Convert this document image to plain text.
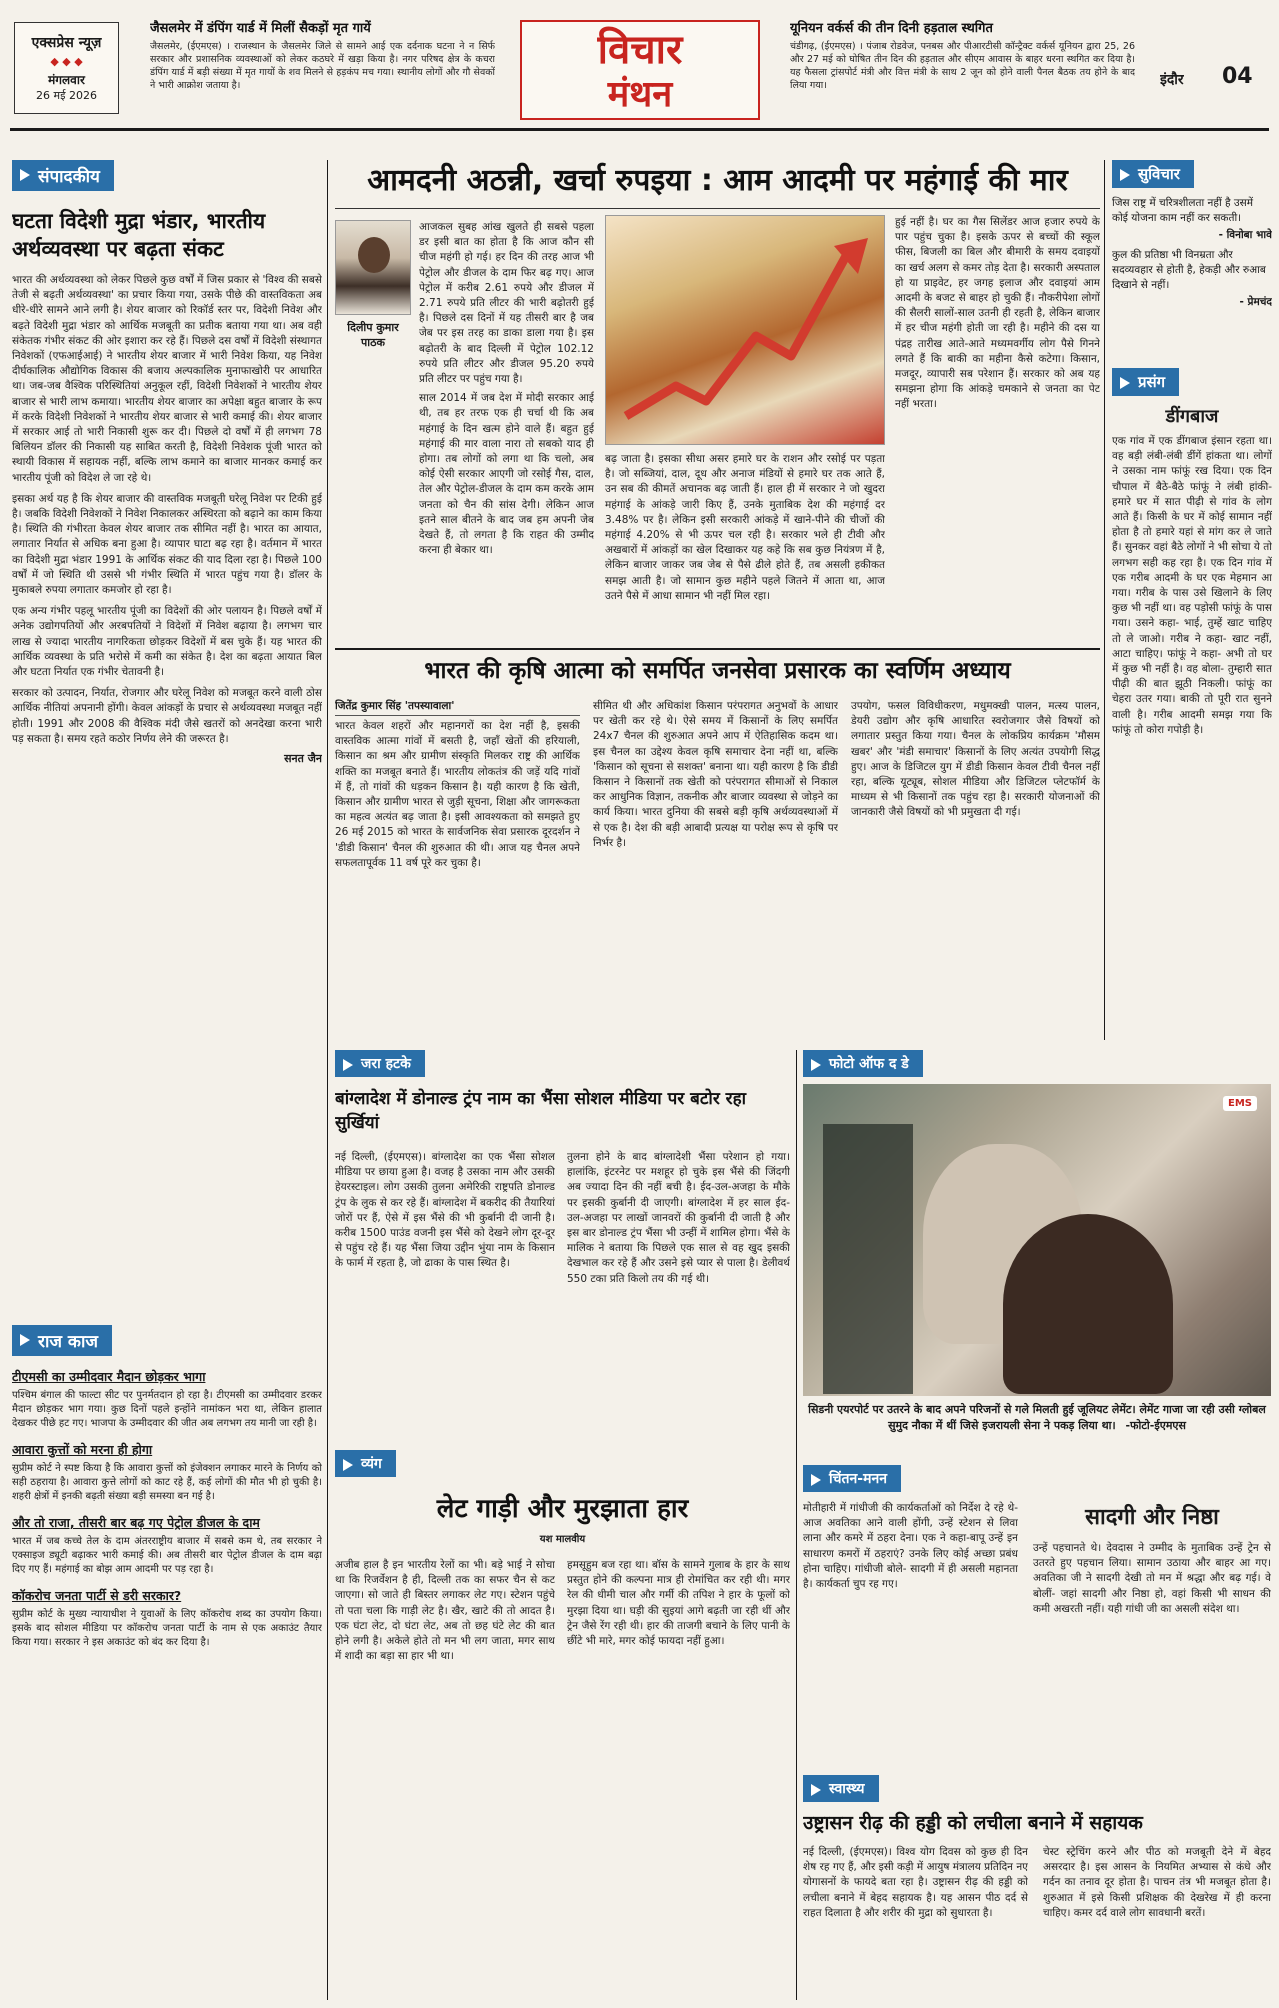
एक्सप्रेस न्यूज़
◆ ◆ ◆
मंगलवार
26 मई 2026
जैसलमेर में डंपिंग यार्ड में मिलीं सैकड़ों मृत गायें
जैसलमेर, (ईएमएस) । राजस्थान के जैसलमेर जिले से सामने आई एक दर्दनाक घटना ने न सिर्फ सरकार और प्रशासनिक व्यवस्थाओं को लेकर कठघरे में खड़ा किया है। नगर परिषद क्षेत्र के कचरा डंपिंग यार्ड में बड़ी संख्या में मृत गायों के शव मिलने से हड़कंप मच गया। स्थानीय लोगों और गौ सेवकों ने भारी आक्रोश जताया है।
विचार
मंथन
यूनियन वर्कर्स की तीन दिनी हड़ताल स्थगित
चंडीगढ़, (ईएमएस) । पंजाब रोडवेज, पनबस और पीआरटीसी कॉन्ट्रैक्ट वर्कर्स यूनियन द्वारा 25, 26 और 27 मई को घोषित तीन दिन की हड़ताल और सीएम आवास के बाहर धरना स्थगित कर दिया है। यह फैसला ट्रांसपोर्ट मंत्री और वित्त मंत्री के साथ 2 जून को होने वाली पैनल बैठक तय होने के बाद लिया गया।	इंदौर 04
संपादकीय
घटता विदेशी मुद्रा भंडार, भारतीय अर्थव्यवस्था पर बढ़ता संकट
भारत की अर्थव्यवस्था को लेकर पिछले कुछ वर्षों में जिस प्रकार से 'विश्व की सबसे तेजी से बढ़ती अर्थव्यवस्था' का प्रचार किया गया, उसके पीछे की वास्तविकता अब धीरे-धीरे सामने आने लगी है। शेयर बाजार को रिकॉर्ड स्तर पर, विदेशी निवेश और बढ़ते विदेशी मुद्रा भंडार को आर्थिक मजबूती का प्रतीक बताया गया था। अब वही संकेतक गंभीर संकट की ओर इशारा कर रहे हैं। पिछले दस वर्षों में विदेशी संस्थागत निवेशकों (एफआईआई) ने भारतीय शेयर बाजार में भारी निवेश किया, यह निवेश दीर्घकालिक औद्योगिक विकास की बजाय अल्पकालिक मुनाफाखोरी पर आधारित था। जब-जब वैश्विक परिस्थितियां अनुकूल रहीं, विदेशी निवेशकों ने भारतीय शेयर बाजार से भारी लाभ कमाया। भारतीय शेयर बाजार का अपेक्षा बहुत बाजार के रूप में करके विदेशी निवेशकों ने भारतीय शेयर बाजार से भारी कमाई की। शेयर बाजार में सरकार आई तो भारी निकासी शुरू कर दी। पिछले दो वर्षों में ही लगभग 78 बिलियन डॉलर की निकासी यह साबित करती है, विदेशी निवेशक पूंजी भारत को स्थायी विकास में सहायक नहीं, बल्कि लाभ कमाने का बाजार मानकर कमाई कर भारतीय पूंजी को विदेश ले जा रहे थे।
इसका अर्थ यह है कि शेयर बाजार की वास्तविक मजबूती घरेलू निवेश पर टिकी हुई है। जबकि विदेशी निवेशकों ने निवेश निकालकर अस्थिरता को बढ़ाने का काम किया है। स्थिति की गंभीरता केवल शेयर बाजार तक सीमित नहीं है। भारत का आयात, लगातार निर्यात से अधिक बना हुआ है। व्यापार घाटा बढ़ रहा है। वर्तमान में भारत का विदेशी मुद्रा भंडार 1991 के आर्थिक संकट की याद दिला रहा है। पिछले 100 वर्षों में जो स्थिति थी उससे भी गंभीर स्थिति में भारत पहुंच गया है। डॉलर के मुकाबले रुपया लगातार कमजोर हो रहा है।
एक अन्य गंभीर पहलू भारतीय पूंजी का विदेशों की ओर पलायन है। पिछले वर्षों में अनेक उद्योगपतियों और अरबपतियों ने विदेशों में निवेश बढ़ाया है। लगभग चार लाख से ज्यादा भारतीय नागरिकता छोड़कर विदेशों में बस चुके हैं। यह भारत की आर्थिक व्यवस्था के प्रति भरोसे में कमी का संकेत है। देश का बढ़ता आयात बिल और घटता निर्यात एक गंभीर चेतावनी है।
सरकार को उत्पादन, निर्यात, रोजगार और घरेलू निवेश को मजबूत करने वाली ठोस आर्थिक नीतियां अपनानी होंगी। केवल आंकड़ों के प्रचार से अर्थव्यवस्था मजबूत नहीं होती। 1991 और 2008 की वैश्विक मंदी जैसे खतरों को अनदेखा करना भारी पड़ सकता है। समय रहते कठोर निर्णय लेने की जरूरत है।
सनत जैन
राज काज
टीएमसी का उम्मीदवार मैदान छोड़कर भागा
पश्चिम बंगाल की फाल्टा सीट पर पुनर्मतदान हो रहा है। टीएमसी का उम्मीदवार डरकर मैदान छोड़कर भाग गया। कुछ दिनों पहले इन्होंने नामांकन भरा था, लेकिन हालात देखकर पीछे हट गए। भाजपा के उम्मीदवार की जीत अब लगभग तय मानी जा रही है।
आवारा कुत्तों को मरना ही होगा
सुप्रीम कोर्ट ने स्पष्ट किया है कि आवारा कुत्तों को इंजेक्शन लगाकर मारने के निर्णय को सही ठहराया है। आवारा कुत्ते लोगों को काट रहे हैं, कई लोगों की मौत भी हो चुकी है। शहरी क्षेत्रों में इनकी बढ़ती संख्या बड़ी समस्या बन गई है।
और तो राजा, तीसरी बार बढ़ गए पेट्रोल डीजल के दाम
भारत में जब कच्चे तेल के दाम अंतरराष्ट्रीय बाजार में सबसे कम थे, तब सरकार ने एक्साइज ड्यूटी बढ़ाकर भारी कमाई की। अब तीसरी बार पेट्रोल डीजल के दाम बढ़ा दिए गए हैं। महंगाई का बोझ आम आदमी पर पड़ रहा है।
कॉकरोच जनता पार्टी से डरी सरकार?
सुप्रीम कोर्ट के मुख्य न्यायाधीश ने युवाओं के लिए कॉकरोच शब्द का उपयोग किया। इसके बाद सोशल मीडिया पर कॉकरोच जनता पार्टी के नाम से एक अकाउंट तैयार किया गया। सरकार ने इस अकाउंट को बंद कर दिया है।
आमदनी अठन्नी, खर्चा रुपइया : आम आदमी पर महंगाई की मार
दिलीप कुमार पाठक
आजकल सुबह आंख खुलते ही सबसे पहला डर इसी बात का होता है कि आज कौन सी चीज महंगी हो गई। हर दिन की तरह आज भी पेट्रोल और डीजल के दाम फिर बढ़ गए। आज पेट्रोल में करीब 2.61 रुपये और डीजल में 2.71 रुपये प्रति लीटर की भारी बढ़ोतरी हुई है। पिछले दस दिनों में यह तीसरी बार है जब जेब पर इस तरह का डाका डाला गया है। इस बढ़ोतरी के बाद दिल्ली में पेट्रोल 102.12 रुपये प्रति लीटर और डीजल 95.20 रुपये प्रति लीटर पर पहुंच गया है।
साल 2014 में जब देश में मोदी सरकार आई थी, तब हर तरफ एक ही चर्चा थी कि अब महंगाई के दिन खत्म होने वाले हैं। बहुत हुई महंगाई की मार वाला नारा तो सबको याद ही होगा। तब लोगों को लगा था कि चलो, अब कोई ऐसी सरकार आएगी जो रसोई गैस, दाल, तेल और पेट्रोल-डीजल के दाम कम करके आम जनता को चैन की सांस देगी। लेकिन आज इतने साल बीतने के बाद जब हम अपनी जेब देखते हैं, तो लगता है कि राहत की उम्मीद करना ही बेकार था।
बढ़ जाता है। इसका सीधा असर हमारे घर के राशन और रसोई पर पड़ता है। जो सब्जियां, दाल, दूध और अनाज मंडियों से हमारे घर तक आते हैं, उन सब की कीमतें अचानक बढ़ जाती हैं। हाल ही में सरकार ने जो खुदरा महंगाई के आंकड़े जारी किए हैं, उनके मुताबिक देश की महंगाई दर 3.48% पर है। लेकिन इसी सरकारी आंकड़े में खाने-पीने की चीजों की महंगाई 4.20% से भी ऊपर चल रही है। सरकार भले ही टीवी और अखबारों में आंकड़ों का खेल दिखाकर यह कहे कि सब कुछ नियंत्रण में है, लेकिन बाजार जाकर जब जेब से पैसे ढीले होते हैं, तब असली हकीकत समझ आती है। जो सामान कुछ महीने पहले जितने में आता था, आज उतने पैसे में आधा सामान भी नहीं मिल रहा।
हुई नहीं है। घर का गैस सिलेंडर आज हजार रुपये के पार पहुंच चुका है। इसके ऊपर से बच्चों की स्कूल फीस, बिजली का बिल और बीमारी के समय दवाइयों का खर्च अलग से कमर तोड़ देता है। सरकारी अस्पताल हो या प्राइवेट, हर जगह इलाज और दवाइयां आम आदमी के बजट से बाहर हो चुकी हैं। नौकरीपेशा लोगों की सैलरी सालों-साल उतनी ही रहती है, लेकिन बाजार में हर चीज महंगी होती जा रही है। महीने की दस या पंद्रह तारीख आते-आते मध्यमवर्गीय लोग पैसे गिनने लगते हैं कि बाकी का महीना कैसे कटेगा। किसान, मजदूर, व्यापारी सब परेशान हैं। सरकार को अब यह समझना होगा कि आंकड़े चमकाने से जनता का पेट नहीं भरता।
सुविचार
जिस राष्ट्र में चरित्रशीलता नहीं है उसमें कोई योजना काम नहीं कर सकती।
- विनोबा भावे
कुल की प्रतिष्ठा भी विनम्रता और सदव्यवहार से होती है, हेकड़ी और रुआब दिखाने से नहीं।
- प्रेमचंद
प्रसंग
डींगबाज
एक गांव में एक डींगबाज इंसान रहता था। वह बड़ी लंबी-लंबी डींगें हांकता था। लोगों ने उसका नाम फांफूं रख दिया। एक दिन चौपाल में बैठे-बैठे फांफूं ने लंबी हांकी- हमारे घर में सात पीढ़ी से गांव के लोग आते हैं। किसी के घर में कोई सामान नहीं होता है तो हमारे यहां से मांग कर ले जाते हैं। सुनकर वहां बैठे लोगों ने भी सोचा ये तो लगभग सही कह रहा है। एक दिन गांव में एक गरीब आदमी के घर एक मेहमान आ गया। गरीब के पास उसे खिलाने के लिए कुछ भी नहीं था। वह पड़ोसी फांफूं के पास गया। उसने कहा- भाई, तुम्हें खाट चाहिए तो ले जाओ। गरीब ने कहा- खाट नहीं, आटा चाहिए। फांफूं ने कहा- अभी तो घर में कुछ भी नहीं है। वह बोला- तुम्हारी सात पीढ़ी की बात झूठी निकली। फांफूं का चेहरा उतर गया। बाकी तो पूरी रात सुनने वाली है। गरीब आदमी समझ गया कि फांफूं तो कोरा गपोड़ी है।
भारत की कृषि आत्मा को समर्पित जनसेवा प्रसारक का स्वर्णिम अध्याय
जितेंद्र कुमार सिंह 'तपस्यावाला'
भारत केवल शहरों और महानगरों का देश नहीं है, इसकी वास्तविक आत्मा गांवों में बसती है, जहाँ खेतों की हरियाली, किसान का श्रम और ग्रामीण संस्कृति मिलकर राष्ट्र की आर्थिक शक्ति का मजबूत बनाते हैं। भारतीय लोकतंत्र की जड़ें यदि गांवों में हैं, तो गांवों की धड़कन किसान है। यही कारण है कि खेती, किसान और ग्रामीण भारत से जुड़ी सूचना, शिक्षा और जागरूकता का महत्व अत्यंत बढ़ जाता है। इसी आवश्यकता को समझते हुए 26 मई 2015 को भारत के सार्वजनिक सेवा प्रसारक दूरदर्शन ने 'डीडी किसान' चैनल की शुरुआत की थी। आज यह चैनल अपने सफलतापूर्वक 11 वर्ष पूरे कर चुका है।
सीमित थी और अधिकांश किसान परंपरागत अनुभवों के आधार पर खेती कर रहे थे। ऐसे समय में किसानों के लिए समर्पित 24x7 चैनल की शुरुआत अपने आप में ऐतिहासिक कदम था। इस चैनल का उद्देश्य केवल कृषि समाचार देना नहीं था, बल्कि 'किसान को सूचना से सशक्त' बनाना था। यही कारण है कि डीडी किसान ने किसानों तक खेती को परंपरागत सीमाओं से निकाल कर आधुनिक विज्ञान, तकनीक और बाजार व्यवस्था से जोड़ने का कार्य किया। भारत दुनिया की सबसे बड़ी कृषि अर्थव्यवस्थाओं में से एक है। देश की बड़ी आबादी प्रत्यक्ष या परोक्ष रूप से कृषि पर निर्भर है।
उपयोग, फसल विविधीकरण, मधुमक्खी पालन, मत्स्य पालन, डेयरी उद्योग और कृषि आधारित स्वरोजगार जैसे विषयों को लगातार प्रस्तुत किया गया। चैनल के लोकप्रिय कार्यक्रम 'मौसम खबर' और 'मंडी समाचार' किसानों के लिए अत्यंत उपयोगी सिद्ध हुए। आज के डिजिटल युग में डीडी किसान केवल टीवी चैनल नहीं रहा, बल्कि यूट्यूब, सोशल मीडिया और डिजिटल प्लेटफॉर्म के माध्यम से भी किसानों तक पहुंच रहा है। सरकारी योजनाओं की जानकारी जैसे विषयों को भी प्रमुखता दी गई।
जरा हटके
बांग्लादेश में डोनाल्ड ट्रंप नाम का भैंसा सोशल मीडिया पर बटोर रहा सुर्खियां
नई दिल्ली, (ईएमएस)। बांग्लादेश का एक भैंसा सोशल मीडिया पर छाया हुआ है। वजह है उसका नाम और उसकी हेयरस्टाइल। लोग उसकी तुलना अमेरिकी राष्ट्रपति डोनाल्ड ट्रंप के लुक से कर रहे हैं। बांग्लादेश में बकरीद की तैयारियां जोरों पर हैं, ऐसे में इस भैंसे की भी कुर्बानी दी जानी है। करीब 1500 पाउंड वजनी इस भैंसे को देखने लोग दूर-दूर से पहुंच रहे हैं। यह भैंसा जिया उद्दीन भुंया नाम के किसान के फार्म में रहता है, जो ढाका के पास स्थित है।
तुलना होने के बाद बांग्लादेशी भैंसा परेशान हो गया। हालांकि, इंटरनेट पर मशहूर हो चुके इस भैंसे की जिंदगी अब ज्यादा दिन की नहीं बची है। ईद-उल-अजहा के मौके पर इसकी कुर्बानी दी जाएगी। बांग्लादेश में हर साल ईद-उल-अजहा पर लाखों जानवरों की कुर्बानी दी जाती है और इस बार डोनाल्ड ट्रंप भैंसा भी उन्हीं में शामिल होगा। भैंसे के मालिक ने बताया कि पिछले एक साल से वह खुद इसकी देखभाल कर रहे हैं और उसने इसे प्यार से पाला है। डेलीवर्थ 550 टका प्रति किलो तय की गई थी।
फोटो ऑफ द डे
EMS
सिडनी एयरपोर्ट पर उतरने के बाद अपने परिजनों से गले मिलती हुई जूलियट लेमेंट। लेमेंट गाजा जा रही उसी ग्लोबल सुमुद नौका में थीं जिसे इजरायली सेना ने पकड़ लिया था। -फोटो-ईएमएस
व्यंग
लेट गाड़ी और मुरझाता हार
यश मालवीय
अजीब हाल है इन भारतीय रेलों का भी। बड़े भाई ने सोचा था कि रिजर्वेशन है ही, दिल्ली तक का सफर चैन से कट जाएगा। सो जाते ही बिस्तर लगाकर लेट गए। स्टेशन पहुंचे तो पता चला कि गाड़ी लेट है। खैर, खाटे की तो आदत है। एक घंटा लेट, दो घंटा लेट, अब तो छह घंटे लेट की बात होने लगी है। अकेले होते तो मन भी लग जाता, मगर साथ में शादी का बड़ा सा हार भी था।
हमसूहुम बज रहा था। बॉस के सामने गुलाब के हार के साथ प्रस्तुत होने की कल्पना मात्र ही रोमांचित कर रही थी। मगर रेल की धीमी चाल और गर्मी की तपिश ने हार के फूलों को मुरझा दिया था। घड़ी की सुइयां आगे बढ़ती जा रही थीं और ट्रेन जैसे रेंग रही थी। हार की ताजगी बचाने के लिए पानी के छींटे भी मारे, मगर कोई फायदा नहीं हुआ।
चिंतन-मनन
मोतीहारी में गांधीजी की कार्यकर्ताओं को निर्देश दे रहे थे- आज अवतिका आने वाली होंगी, उन्हें स्टेशन से लिवा लाना और कमरे में ठहरा देना। एक ने कहा-बापू उन्हें इन साधारण कमरों में ठहराएं? उनके लिए कोई अच्छा प्रबंध होना चाहिए। गांधीजी बोले- सादगी में ही असली महानता है। कार्यकर्ता चुप रह गए।
सादगी और निष्ठा
उन्हें पहचानते थे। देवदास ने उम्मीद के मुताबिक उन्हें ट्रेन से उतरते हुए पहचान लिया। सामान उठाया और बाहर आ गए। अवतिका जी ने सादगी देखी तो मन में श्रद्धा और बढ़ गई। वे बोलीं- जहां सादगी और निष्ठा हो, वहां किसी भी साधन की कमी अखरती नहीं। यही गांधी जी का असली संदेश था।
स्वास्थ्य
उष्ट्रासन रीढ़ की हड्डी को लचीला बनाने में सहायक
नई दिल्ली, (ईएमएस)। विश्व योग दिवस को कुछ ही दिन शेष रह गए हैं, और इसी कड़ी में आयुष मंत्रालय प्रतिदिन नए योगासनों के फायदे बता रहा है। उष्ट्रासन रीढ़ की हड्डी को लचीला बनाने में बेहद सहायक है। यह आसन पीठ दर्द से राहत दिलाता है और शरीर की मुद्रा को सुधारता है।
चेस्ट स्ट्रेचिंग करने और पीठ को मजबूती देने में बेहद असरदार है। इस आसन के नियमित अभ्यास से कंधे और गर्दन का तनाव दूर होता है। पाचन तंत्र भी मजबूत होता है। शुरुआत में इसे किसी प्रशिक्षक की देखरेख में ही करना चाहिए। कमर दर्द वाले लोग सावधानी बरतें।
